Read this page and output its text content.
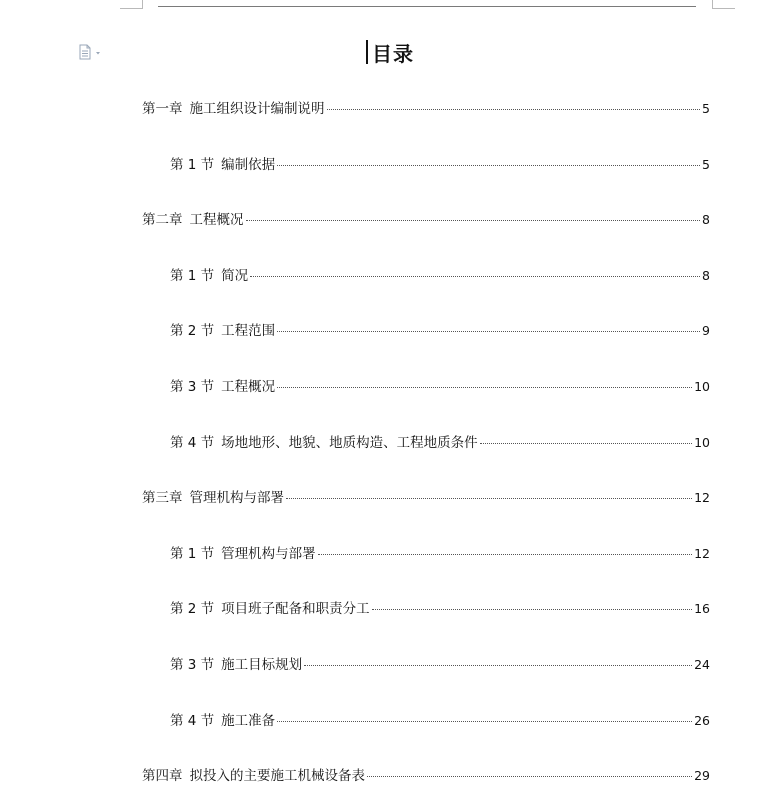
目录
第一章 施工组织设计编制说明	5
第 1 节 编制依据	5
第二章 工程概况	8
第 1 节 简况	8
第 2 节 工程范围	9
第 3 节 工程概况	10
第 4 节 场地地形、地貌、地质构造、工程地质条件	10
第三章 管理机构与部署	12
第 1 节 管理机构与部署	12
第 2 节 项目班子配备和职责分工	16
第 3 节 施工目标规划	24
第 4 节 施工准备	26
第四章 拟投入的主要施工机械设备表	29
